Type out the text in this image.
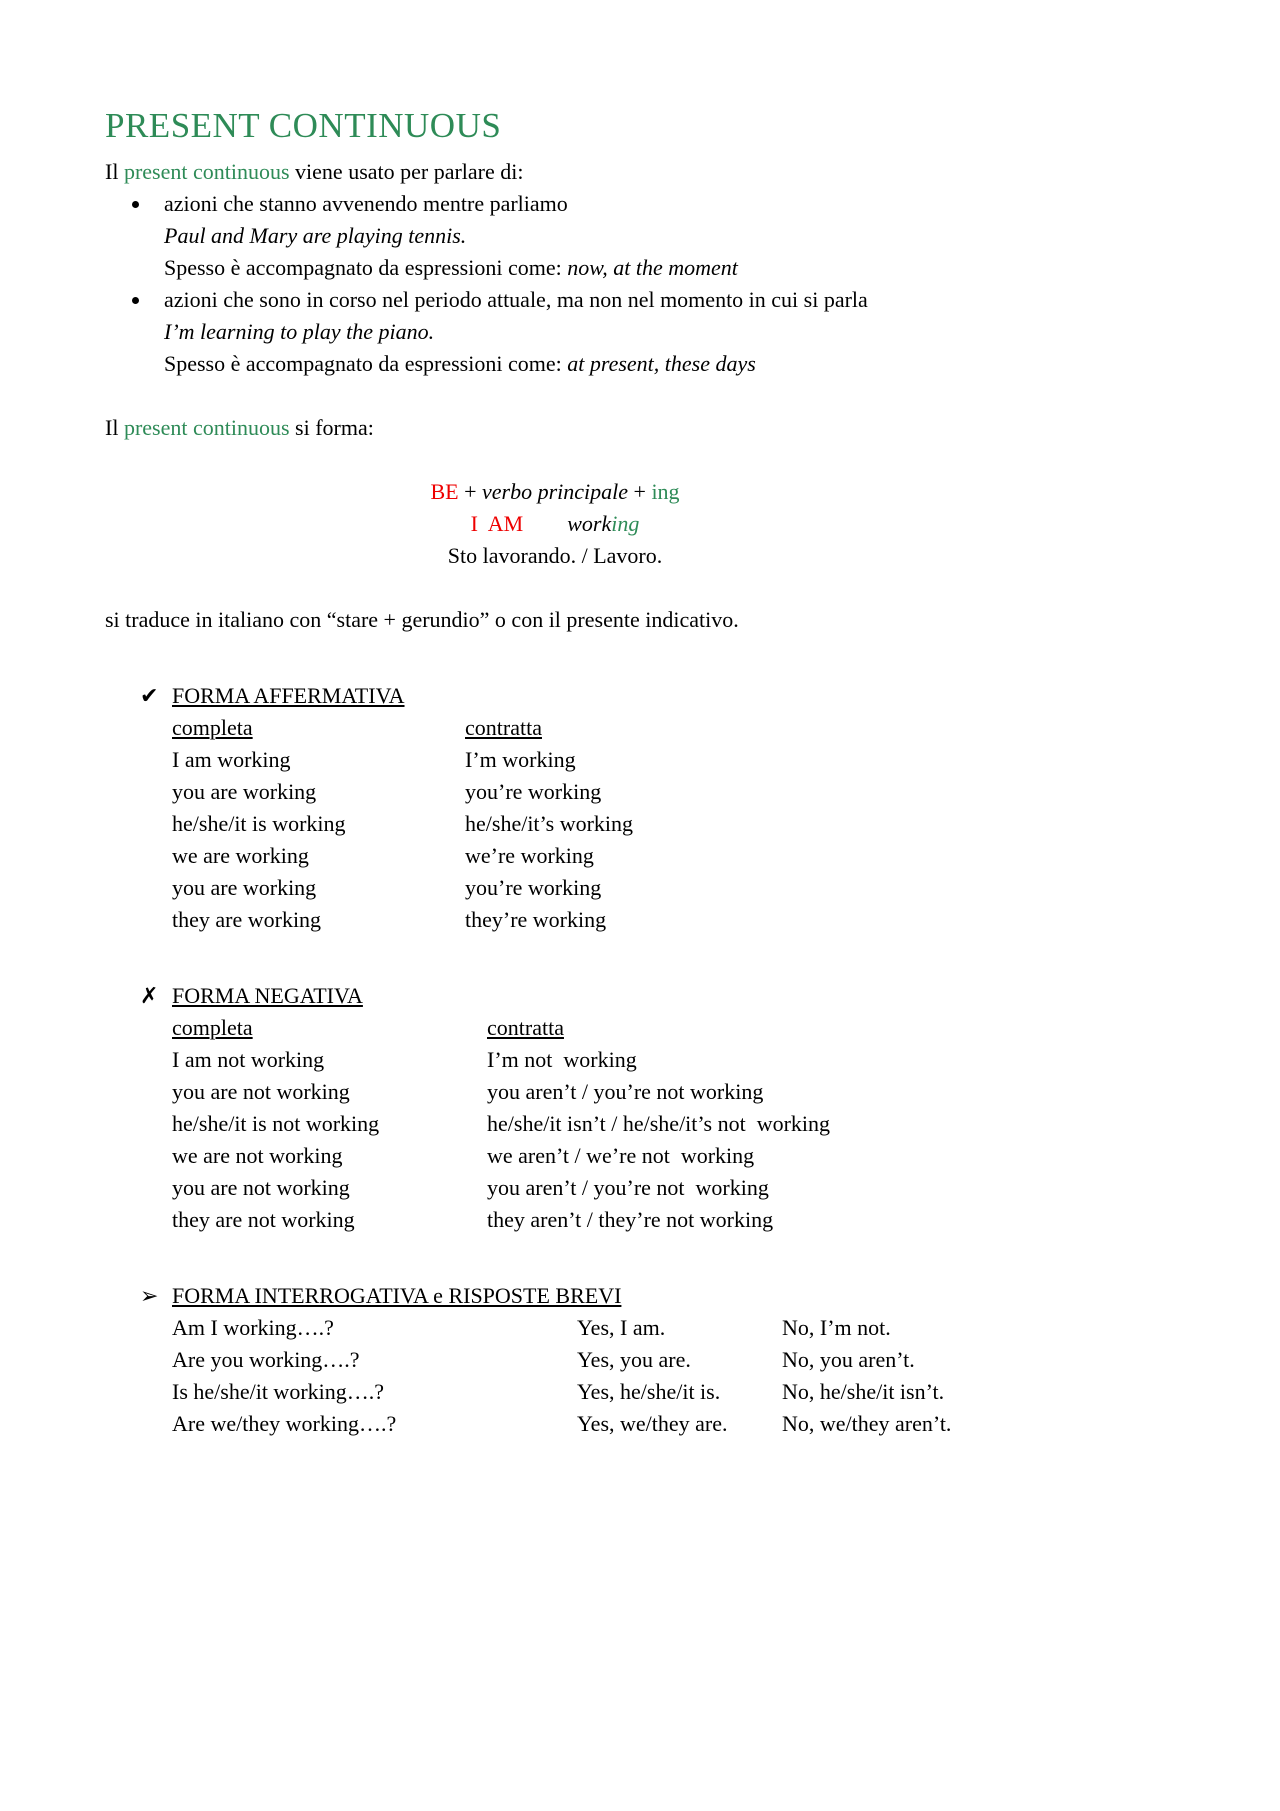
PRESENT CONTINUOUS

Il present continuous viene usato per parlare di:

• azioni che stanno avvenendo mentre parliamo
Paul and Mary are playing tennis.
Spesso è accompagnato da espressioni come: now, at the moment
• azioni che sono in corso nel periodo attuale, ma non nel momento in cui si parla
I’m learning to play the piano.
Spesso è accompagnato da espressioni come: at present, these days

Il present continuous si forma:

BE + verbo principale + ing
I  AM working
Sto lavorando. / Lavoro.

si traduce in italiano con “stare + gerundio” o con il presente indicativo.

✔ FORMA AFFERMATIVA
completa	contratta
I am working	I’m working
you are working	you’re working
he/she/it is working	he/she/it’s working
we are working	we’re working
you are working	you’re working
they are working	they’re working
✗ FORMA NEGATIVA
completa	contratta
I am not working	I’m not  working
you are not working	you aren’t / you’re not working
he/she/it is not working	he/she/it isn’t / he/she/it’s not  working
we are not working	we aren’t / we’re not  working
you are not working	you aren’t / you’re not  working
they are not working	they aren’t / they’re not working
➢ FORMA INTERROGATIVA e RISPOSTE BREVI
Am I working….?	Yes, I am.	No, I’m not.
Are you working….?	Yes, you are.	No, you aren’t.
Is he/she/it working….?	Yes, he/she/it is.	No, he/she/it isn’t.
Are we/they working….?	Yes, we/they are.	No, we/they aren’t.
